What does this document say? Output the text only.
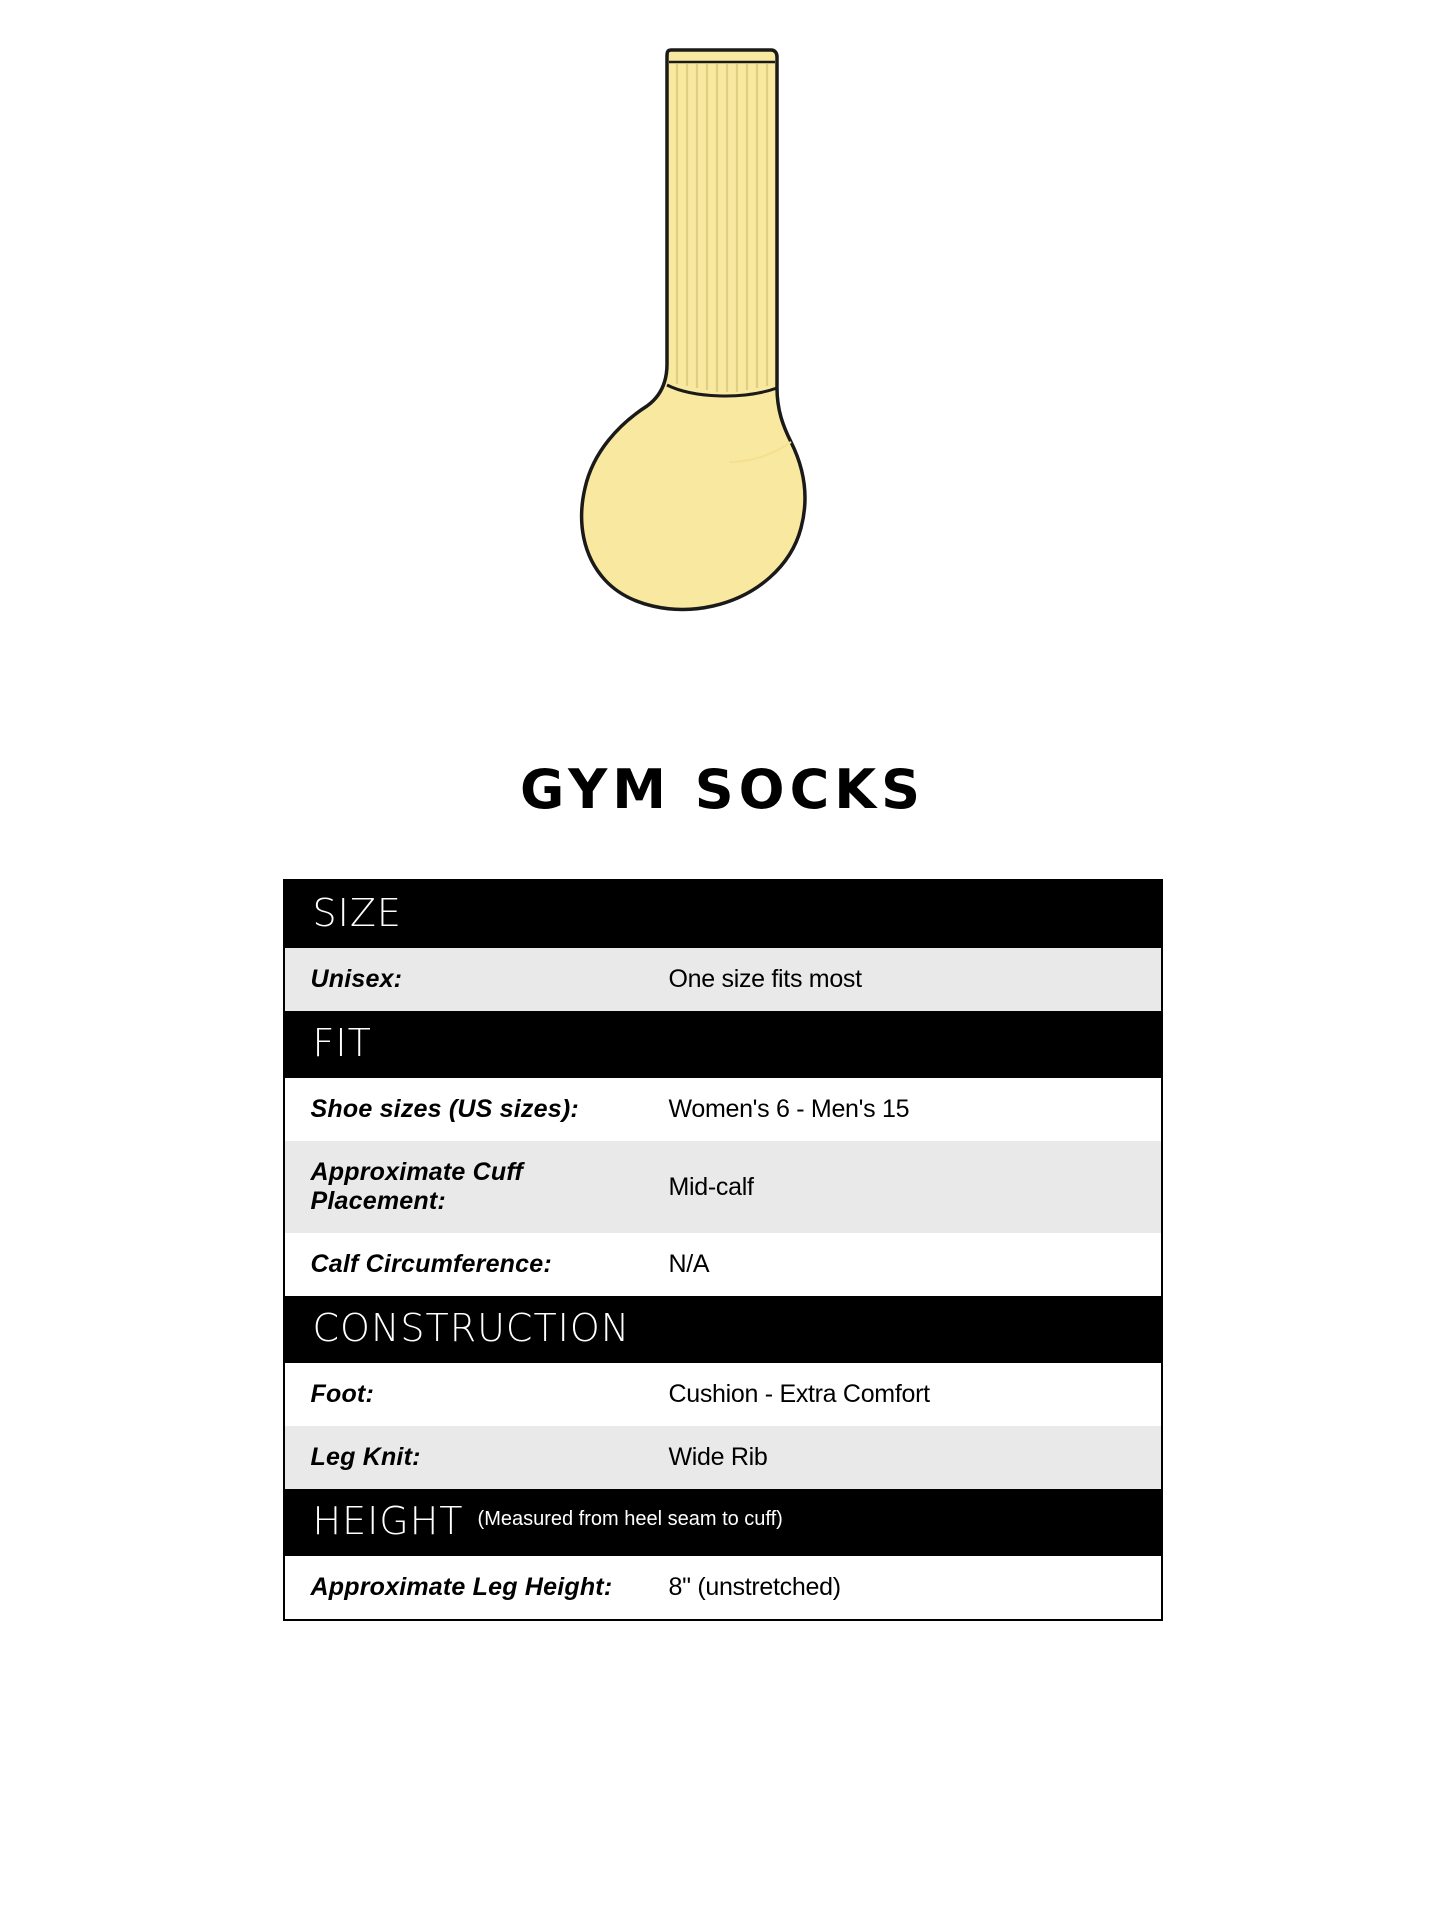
GYM SOCKS
SIZE	
Unisex:	One size fits most
FIT	
Shoe sizes (US sizes):	Women's 6 - Men's 15
Approximate Cuff Placement:	Mid-calf
Calf Circumference:	N/A
CONSTRUCTION	
Foot:	Cushion - Extra Comfort
Leg Knit:	Wide Rib
HEIGHT (Measured from heel seam to cuff)	
Approximate Leg Height:	8" (unstretched)
